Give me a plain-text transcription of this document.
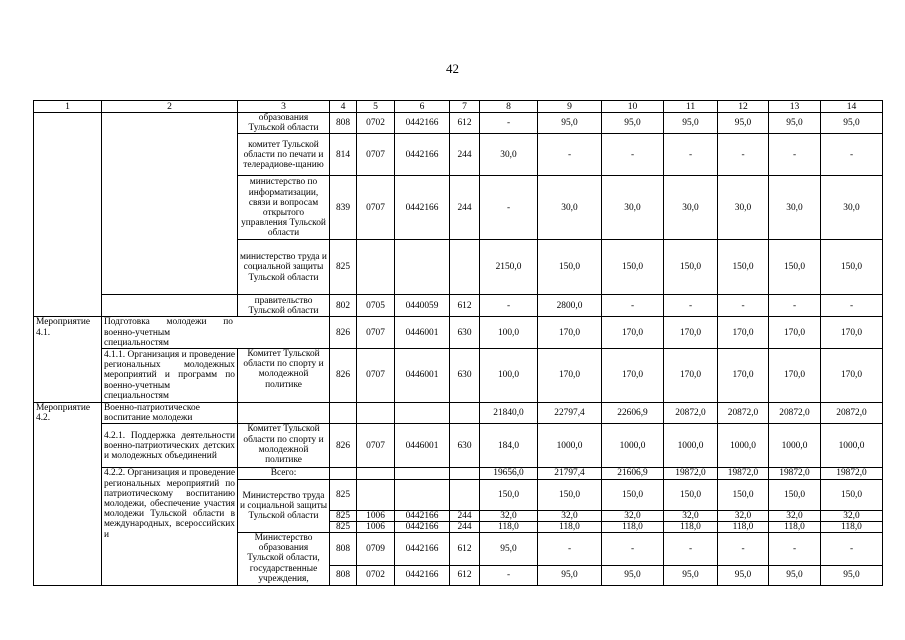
42
1	2	3	4	5	6	7	8	9	10	11	12	13	14
		образования Тульской области	808	0702	0442166	612	-	95,0	95,0	95,0	95,0	95,0	95,0
		комитет Тульской области по печати и телерадиове-щанию	814	0707	0442166	244	30,0	-	-	-	-	-	-
		министерство по информатизации, связи и вопросам открытого управления Тульской области	839	0707	0442166	244	-	30,0	30,0	30,0	30,0	30,0	30,0
		министерство труда и социальной защиты Тульской области	825				2150,0	150,0	150,0	150,0	150,0	150,0	150,0
		правительство Тульской области	802	0705	0440059	612	-	2800,0	-	-	-	-	-
Мероприятие 4.1.	Подготовка молодежи по военно-учетным специальностям		826	0707	0446001	630	100,0	170,0	170,0	170,0	170,0	170,0	170,0
	4.1.1. Организация и проведение региональных молодежных мероприятий и программ по военно-учетным специальностям	Комитет Тульской области по спорту и молодежной политике	826	0707	0446001	630	100,0	170,0	170,0	170,0	170,0	170,0	170,0
Мероприятие 4.2.	Военно-патриотическое воспитание молодежи						21840,0	22797,4	22606,9	20872,0	20872,0	20872,0	20872,0
	4.2.1. Поддержка деятельности военно-патриотических детских и молодежных объединений	Комитет Тульской области по спорту и молодежной политике	826	0707	0446001	630	184,0	1000,0	1000,0	1000,0	1000,0	1000,0	1000,0
	4.2.2. Организация и проведение региональных мероприятий по патриотическому воспитанию молодежи, обеспечение участия молодежи Тульской области в международных, всероссийских и	Всего:					19656,0	21797,4	21606,9	19872,0	19872,0	19872,0	19872,0
		Министерство труда и социальной защиты Тульской области	825				150,0	150,0	150,0	150,0	150,0	150,0	150,0
			825	1006	0442166	244	32,0	32,0	32,0	32,0	32,0	32,0	32,0
			825	1006	0442166	244	118,0	118,0	118,0	118,0	118,0	118,0	118,0
		Министерство образования Тульской области, государственные учреждения,	808	0709	0442166	612	95,0	-	-	-	-	-	-
			808	0702	0442166	612	-	95,0	95,0	95,0	95,0	95,0	95,0
